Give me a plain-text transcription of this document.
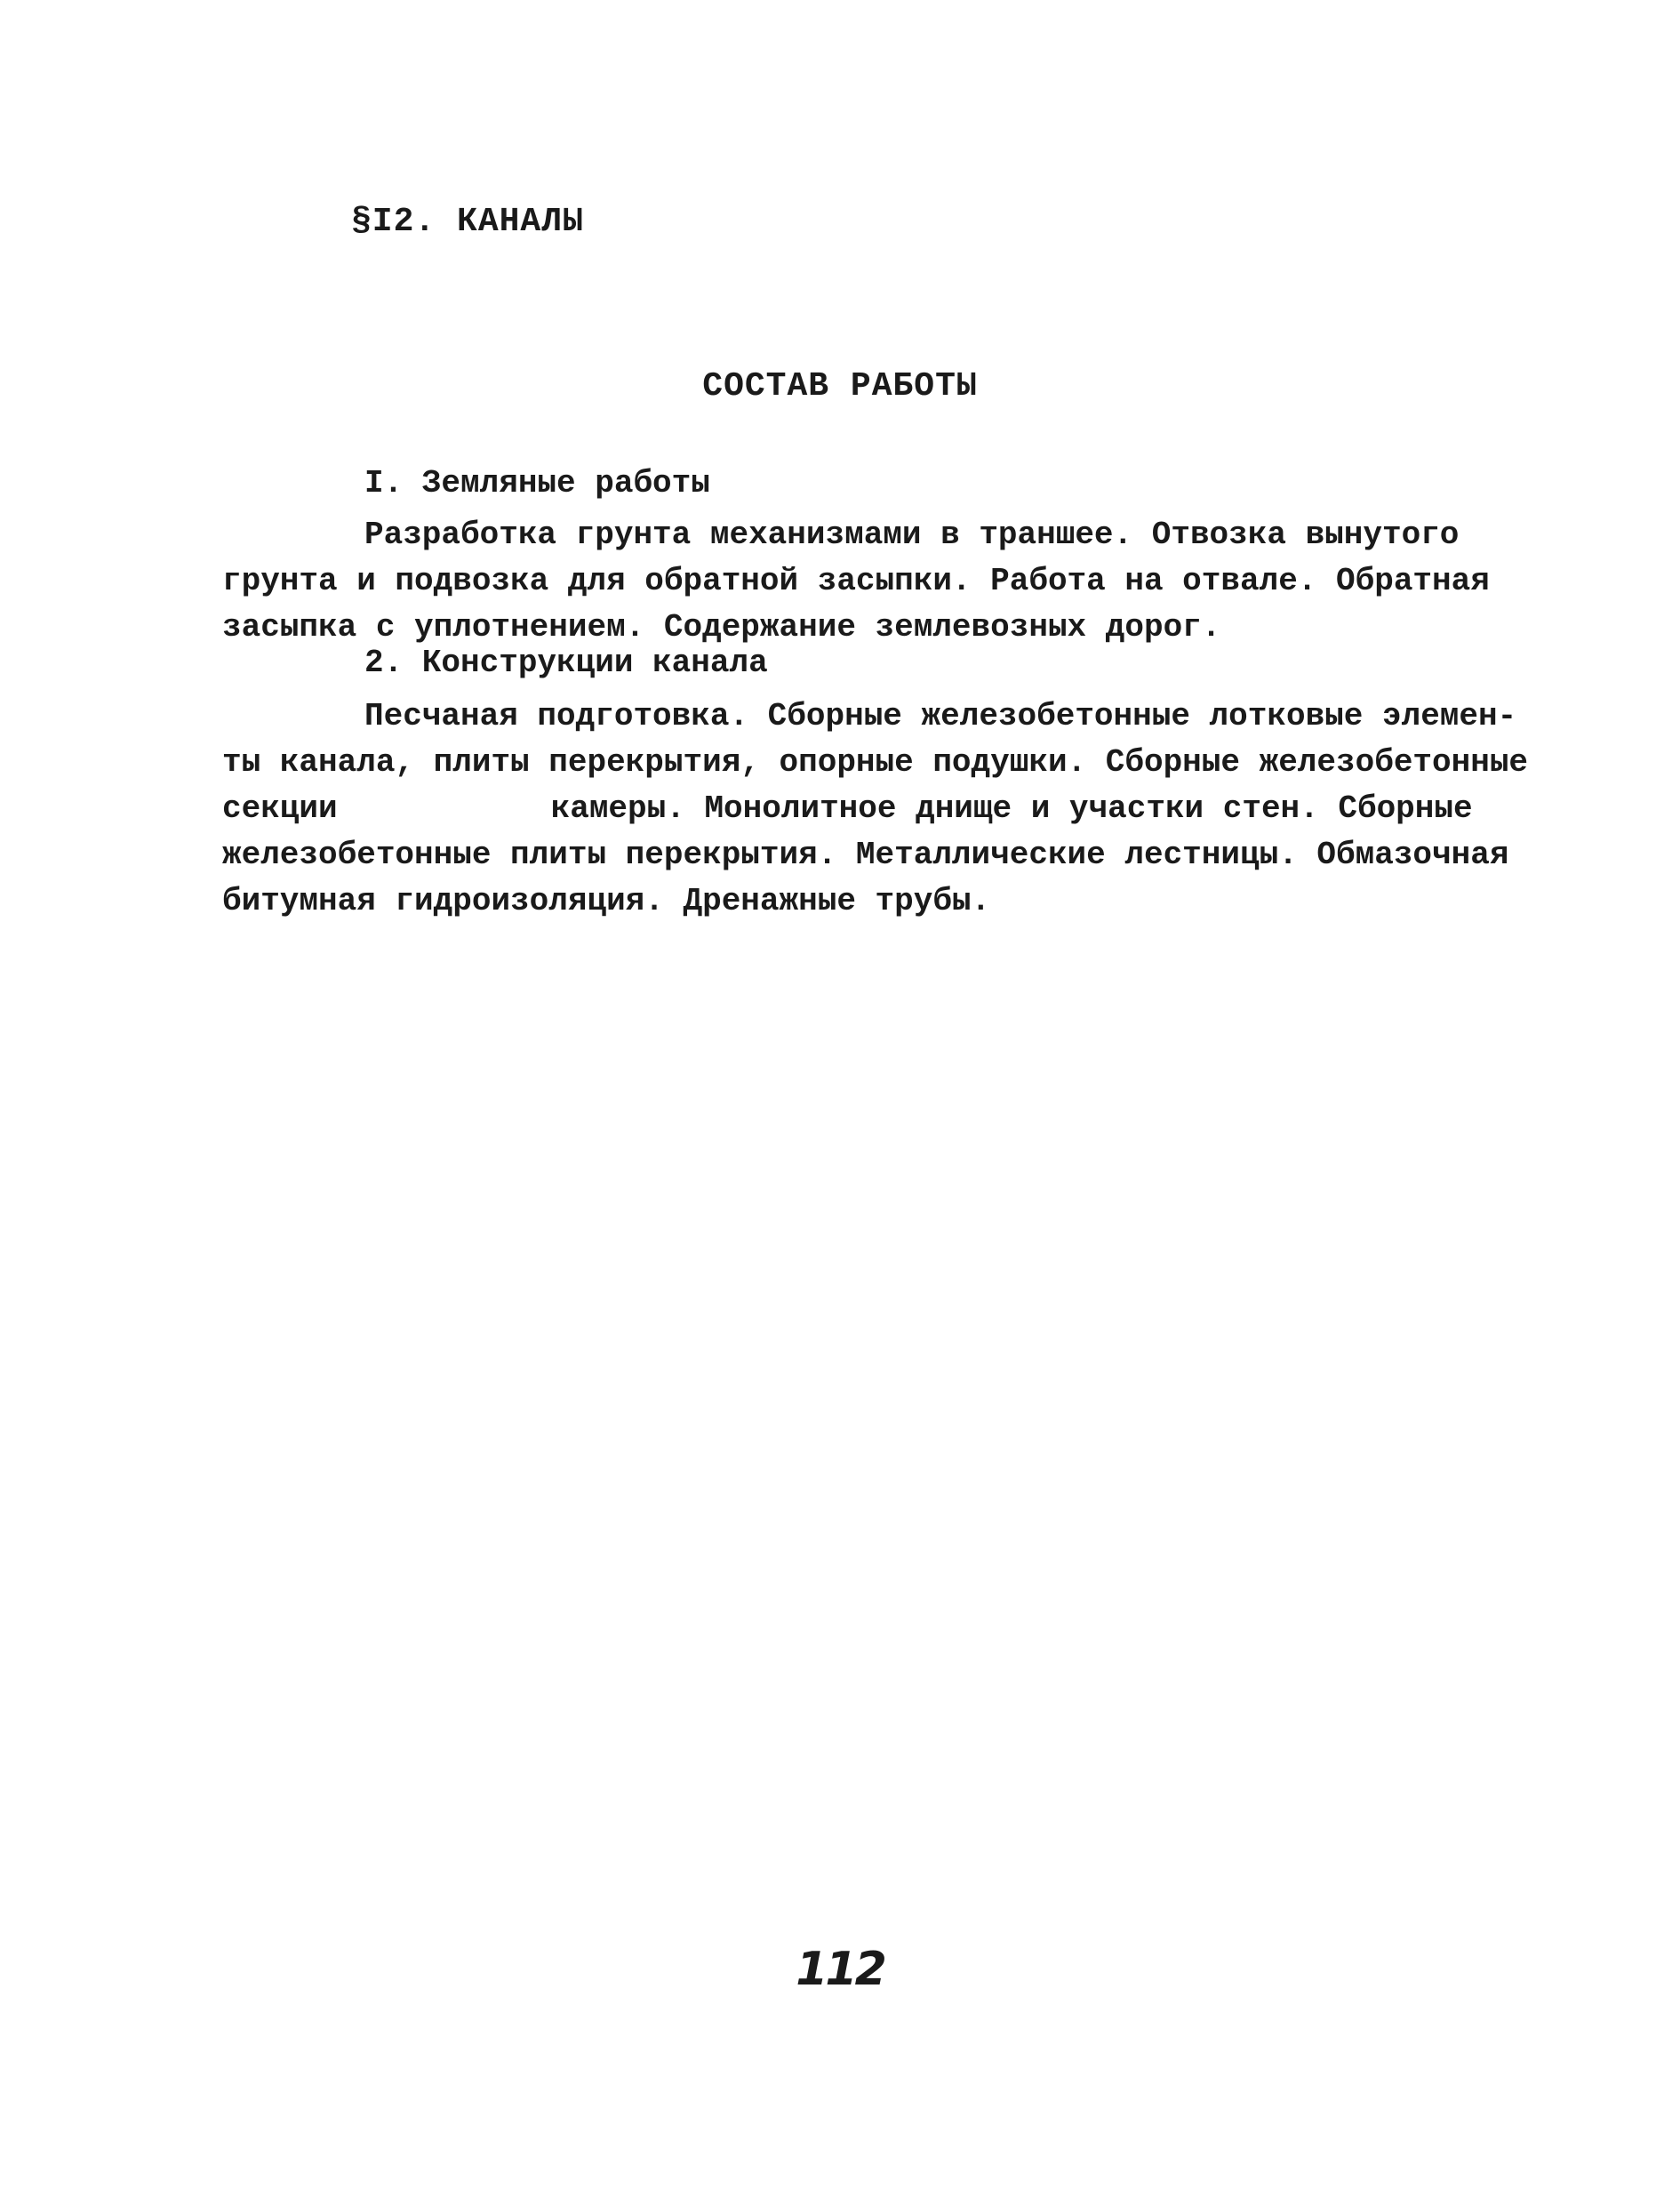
§I2. КАНАЛЫ
СОСТАВ РАБОТЫ
I. Земляные работы
Разработка грунта механизмами в траншее. Отвозка вынутого
грунта и подвозка для обратной засыпки. Работа на отвале. Обратная
засыпка с уплотнением. Содержание землевозных дорог.
2. Конструкции канала
Песчаная подготовка. Сборные железобетонные лотковые элемен-
ты канала, плиты перекрытия, опорные подушки. Сборные железобетонные
секции	камеры. Монолитное днище и участки стен. Сборные
железобетонные плиты перекрытия. Металлические лестницы. Обмазочная
битумная гидроизоляция. Дренажные трубы.
112
